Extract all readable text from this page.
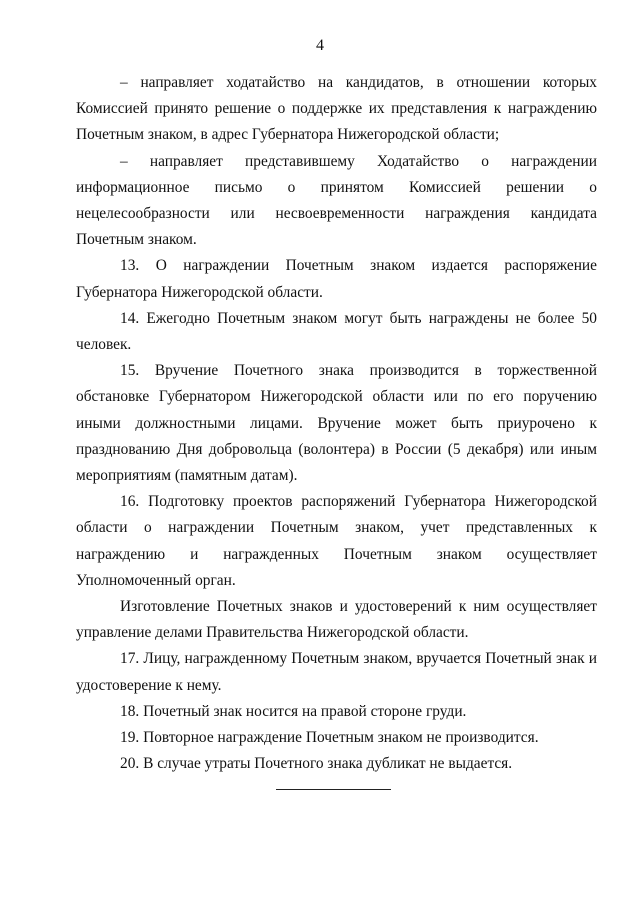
4

– направляет ходатайство на кандидатов, в отношении которых Комиссией принято решение о поддержке их представления к награждению Почетным знаком, в адрес Губернатора Нижегородской области;

– направляет представившему Ходатайство о награждении информационное письмо о принятом Комиссией решении о нецелесообразности или несвоевременности награждения кандидата Почетным знаком.

13. О награждении Почетным знаком издается распоряжение Губернатора Нижегородской области.

14. Ежегодно Почетным знаком могут быть награждены не более 50 человек.

15. Вручение Почетного знака производится в торжественной обстановке Губернатором Нижегородской области или по его поручению иными должностными лицами. Вручение может быть приурочено к празднованию Дня добровольца (волонтера) в России (5 декабря) или иным мероприятиям (памятным датам).

16. Подготовку проектов распоряжений Губернатора Нижегородской области о награждении Почетным знаком, учет представленных к награждению и награжденных Почетным знаком осуществляет Уполномоченный орган.

Изготовление Почетных знаков и удостоверений к ним осуществляет управление делами Правительства Нижегородской области.

17. Лицу, награжденному Почетным знаком, вручается Почетный знак и удостоверение к нему.

18. Почетный знак носится на правой стороне груди.

19. Повторное награждение Почетным знаком не производится.

20. В случае утраты Почетного знака дубликат не выдается.
